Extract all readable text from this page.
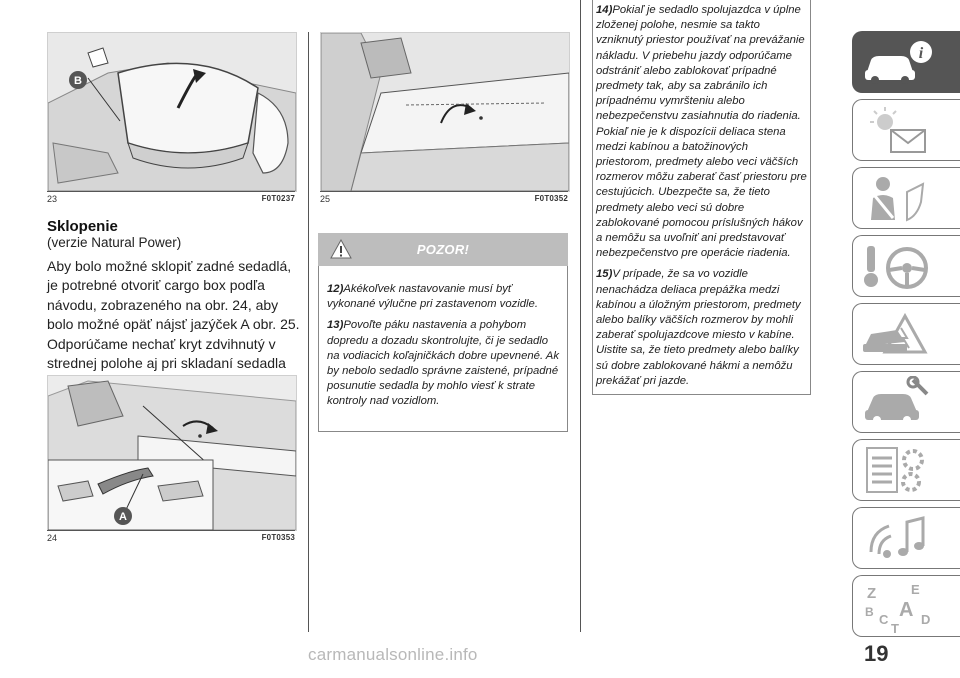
B
23	F0T0237
Sklopenie
(verzie Natural Power)
Aby bolo možné sklopiť zadné sedadlá, je potrebné otvoriť cargo box podľa návodu, zobrazeného na obr. 24, aby bolo možné opäť nájsť jazýček A obr. 25. Odporúčame nechať kryt zdvihnutý v strednej polohe aj pri skladaní sedadla
A
24	F0T0353
25	F0T0352
POZOR!

12)Akékoľvek nastavovanie musí byť vykonané výlučne pri zastavenom vozidle.

13)Povoľte páku nastavenia a pohybom dopredu a dozadu skontrolujte, či je sedadlo na vodiacich koľajničkách dobre upevnené. Ak by nebolo sedadlo správne zaistené, prípadné posunutie sedadla by mohlo viesť k strate kontroly nad vozidlom.

14)Pokiaľ je sedadlo spolujazdca v úplne zloženej polohe, nesmie sa takto vzniknutý priestor používať na prevážanie nákladu. V priebehu jazdy odporúčame odstrániť alebo zablokovať prípadné predmety tak, aby sa zabránilo ich prípadnému vymršteniu alebo nebezpečenstvu zasiahnutia do riadenia. Pokiaľ nie je k dispozícii deliaca stena medzi kabínou a batožinových priestorom, predmety alebo veci väčších rozmerov môžu zaberať časť priestoru pre cestujúcich. Ubezpečte sa, že tieto predmety alebo veci sú dobre zablokované pomocou príslušných hákov a nemôžu sa uvoľniť ani predstavovať nebezpečenstvo pre operácie riadenia.

15)V prípade, že sa vo vozidle nenachádza deliaca prepážka medzi kabínou a úložným priestorom, predmety alebo balíky väčších rozmerov by mohli zaberať spolujazdcove miesto v kabíne. Uistite sa, že tieto predmety alebo balíky sú dobre zablokované hákmi a nemôžu prekážať pri jazde.

i
Z	E
B A
C	D
T
19
carmanualsonline.info
